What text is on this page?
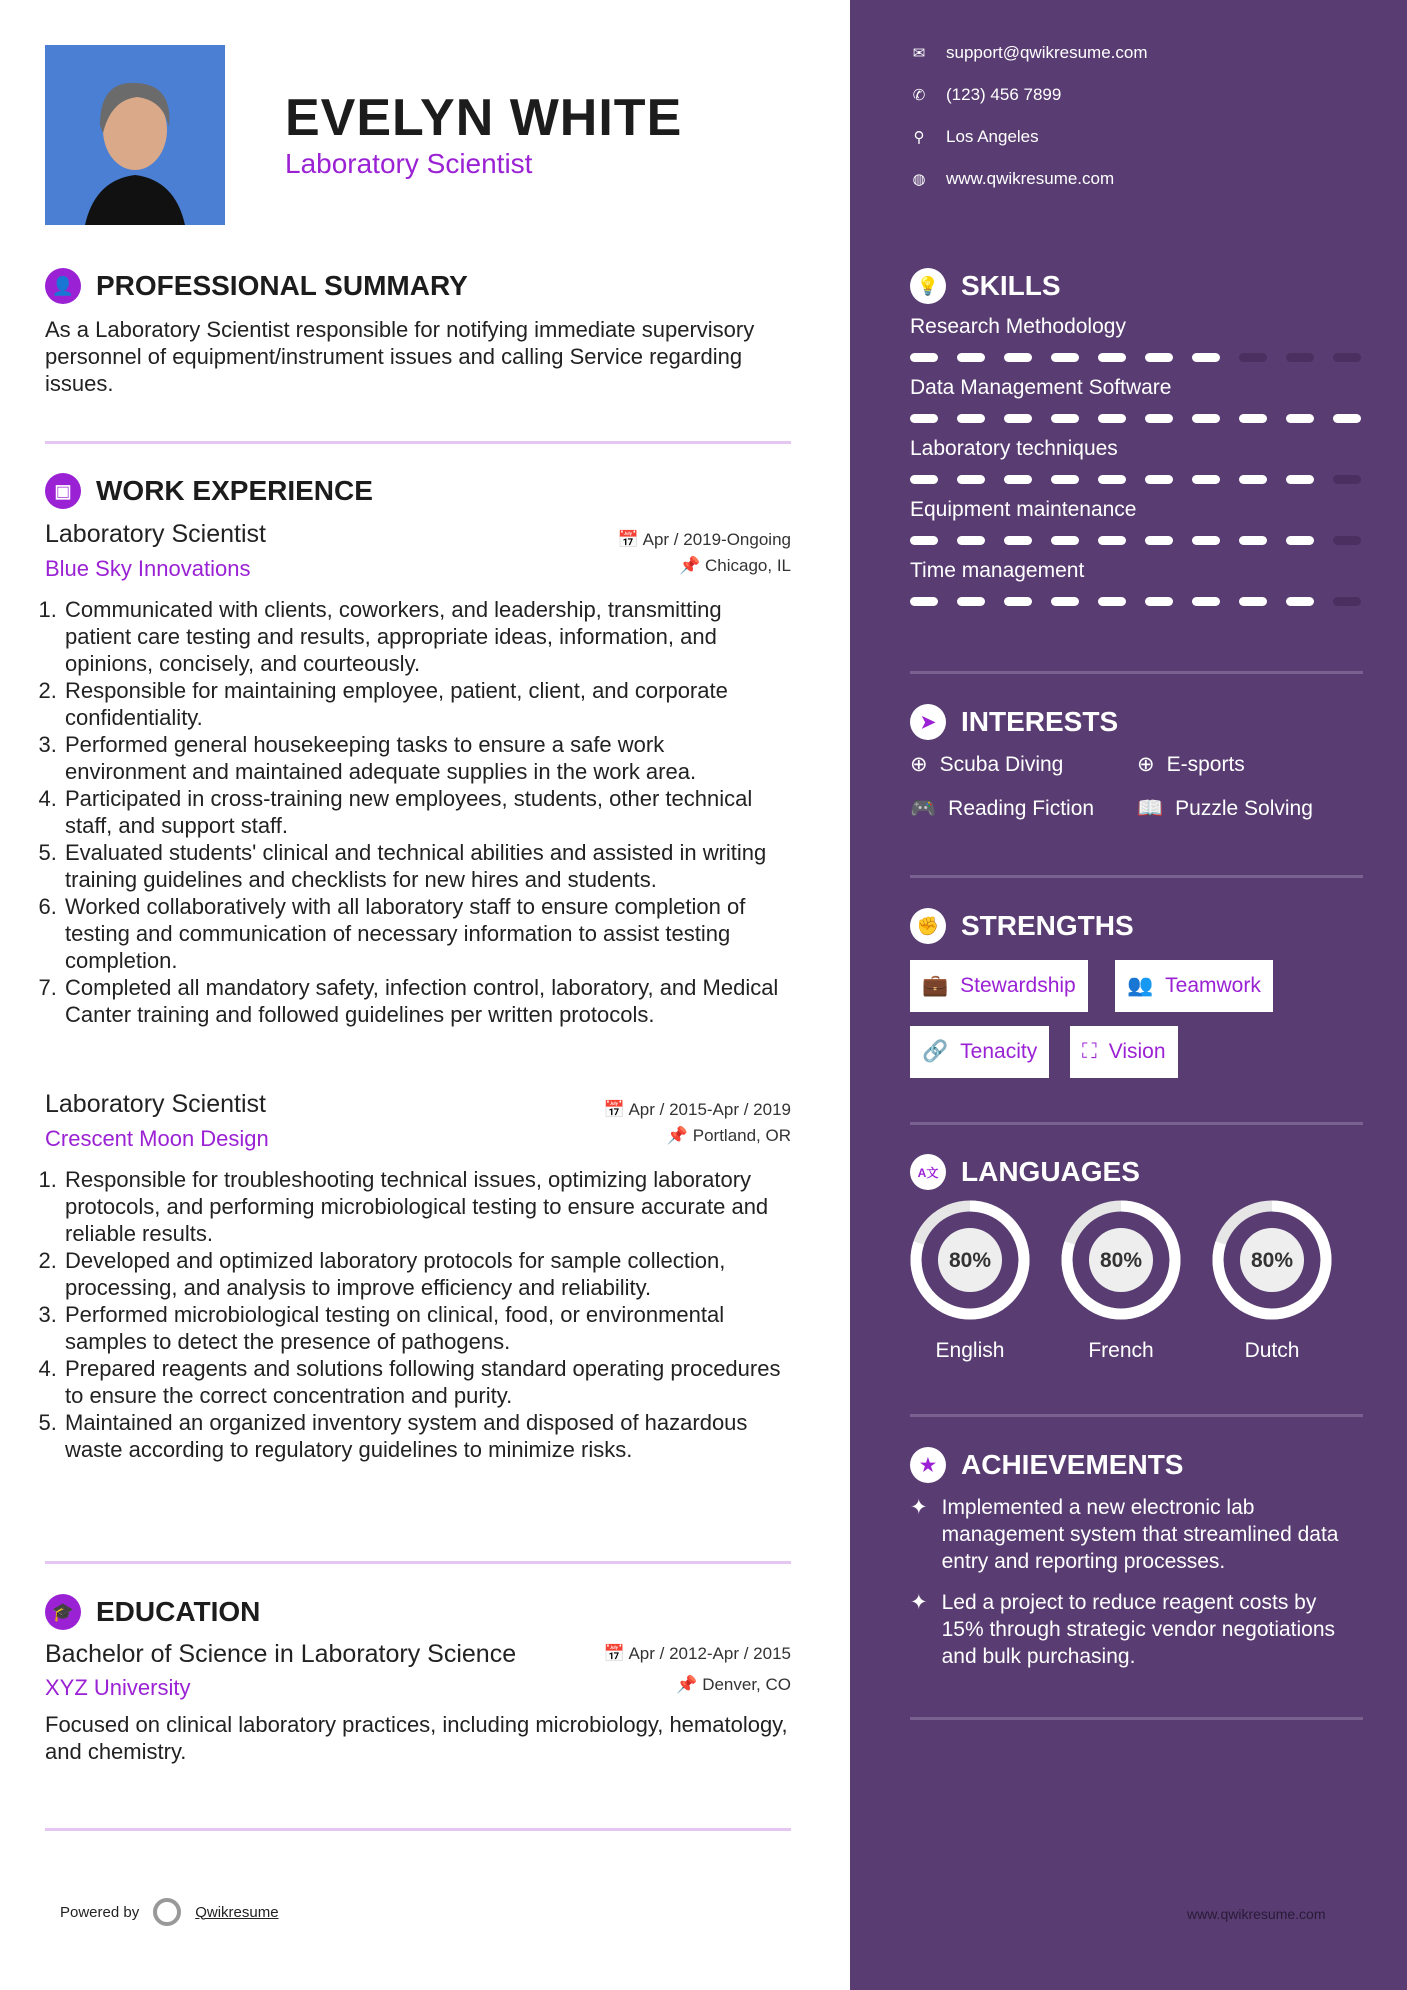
EVELYN WHITE
Laboratory Scientist
👤 PROFESSIONAL SUMMARY
As a Laboratory Scientist responsible for notifying immediate supervisory personnel of equipment/instrument issues and calling Service regarding issues.
▣ WORK EXPERIENCE
Laboratory Scientist	📅 Apr / 2019-Ongoing
Blue Sky Innovations	📌 Chicago, IL
1. Communicated with clients, coworkers, and leadership, transmitting patient care testing and results, appropriate ideas, information, and opinions, concisely, and courteously.
2. Responsible for maintaining employee, patient, client, and corporate confidentiality.
3. Performed general housekeeping tasks to ensure a safe work environment and maintained adequate supplies in the work area.
4. Participated in cross-training new employees, students, other technical staff, and support staff.
5. Evaluated students' clinical and technical abilities and assisted in writing training guidelines and checklists for new hires and students.
6. Worked collaboratively with all laboratory staff to ensure completion of testing and communication of necessary information to assist testing completion.
7. Completed all mandatory safety, infection control, laboratory, and Medical Canter training and followed guidelines per written protocols.
Laboratory Scientist	📅 Apr / 2015-Apr / 2019
Crescent Moon Design	📌 Portland, OR
1. Responsible for troubleshooting technical issues, optimizing laboratory protocols, and performing microbiological testing to ensure accurate and reliable results.
2. Developed and optimized laboratory protocols for sample collection, processing, and analysis to improve efficiency and reliability.
3. Performed microbiological testing on clinical, food, or environmental samples to detect the presence of pathogens.
4. Prepared reagents and solutions following standard operating procedures to ensure the correct concentration and purity.
5. Maintained an organized inventory system and disposed of hazardous waste according to regulatory guidelines to minimize risks.
🎓 EDUCATION
Bachelor of Science in Laboratory Science	📅 Apr / 2012-Apr / 2015
XYZ University	📌 Denver, CO
Focused on clinical laboratory practices, including microbiology, hematology, and chemistry.
Powered by	Qwikresume
✉ support@qwikresume.com
✆ (123) 456 7899
⚲ Los Angeles
◍ www.qwikresume.com
💡 SKILLS
Research Methodology
Data Management Software
Laboratory techniques
Equipment maintenance
Time management
➤ INTERESTS
⊕ Scuba Diving	⊕ E-sports
🎮 Reading Fiction 📖 Puzzle Solving
✊ STRENGTHS
💼 Stewardship 👥 Teamwork
🔗 Tenacity ⛶ Vision
A文 LANGUAGES
80%
English
80%
French
80%
Dutch
★ ACHIEVEMENTS
✦ Implemented a new electronic lab management system that streamlined data entry and reporting processes.
✦ Led a project to reduce reagent costs by 15% through strategic vendor negotiations and bulk purchasing.
www.qwikresume.com
